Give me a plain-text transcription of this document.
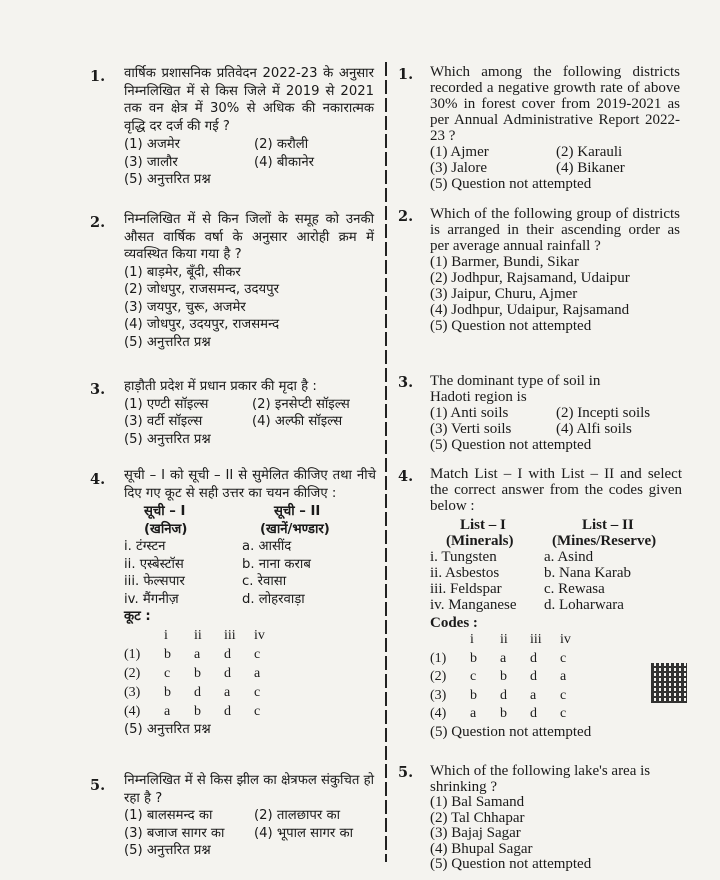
1. वार्षिक प्रशासनिक प्रतिवेदन 2022-23 के अनुसार निम्नलिखित में से किस जिले में 2019 से 2021 तक वन क्षेत्र में 30% से अधिक की नकारात्मक वृद्धि दर दर्ज की गई ?
(1) अजमेर	(2) करौली
(3) जालौर	(4) बीकानेर
(5) अनुत्तरित प्रश्न
1. Which among the following districts recorded a negative growth rate of above 30% in forest cover from 2019-2021 as per Annual Administrative Report 2022-23 ?
(1) Ajmer	(2) Karauli
(3) Jalore	(4) Bikaner
(5) Question not attempted
2. निम्नलिखित में से किन जिलों के समूह को उनकी औसत वार्षिक वर्षा के अनुसार आरोही क्रम में व्यवस्थित किया गया है ?
(1) बाड़मेर, बूँदी, सीकर
(2) जोधपुर, राजसमन्द, उदयपुर
(3) जयपुर, चुरू, अजमेर
(4) जोधपुर, उदयपुर, राजसमन्द
(5) अनुत्तरित प्रश्न
2. Which of the following group of districts is arranged in their ascending order as per average annual rainfall ?
(1) Barmer, Bundi, Sikar
(2) Jodhpur, Rajsamand, Udaipur
(3) Jaipur, Churu, Ajmer
(4) Jodhpur, Udaipur, Rajsamand
(5) Question not attempted
3. हाड़ौती प्रदेश में प्रधान प्रकार की मृदा है :
(1) एण्टी सॉइल्स	(2) इनसेप्टी सॉइल्स
(3) वर्टी सॉइल्स	(4) अल्फी सॉइल्स
(5) अनुत्तरित प्रश्न
3. The dominant type of soil in Hadoti region is
(1) Anti soils	(2) Incepti soils
(3) Verti soils	(4) Alfi soils
(5) Question not attempted
4. सूची – I को सूची – II से सुमेलित कीजिए तथा नीचे दिए गए कूट से सही उत्तर का चयन कीजिए :
सूची – I	सूची – II
(खनिज)	(खानें/भण्डार)
i. टंग्स्टन	a. आसींद
ii. एस्बेस्टॉस	b. नाना कराब
iii. फेल्सपार	c. रेवासा
iv. मैंगनीज़	d. लोहरवाड़ा
कूट :
i	ii	iii	iv
(1)	b	a	d	c
(2)	c	b	d	a
(3)	b	d	a	c
(4)	a	b	d	c
(5) अनुत्तरित प्रश्न
4. Match List – I with List – II and select the correct answer from the codes given below :
List – I	List – II
(Minerals)	(Mines/Reserve)
i. Tungsten	a. Asind
ii. Asbestos	b. Nana Karab
iii. Feldspar	c. Rewasa
iv. Manganese	d. Loharwara
Codes :
i	ii	iii	iv
(1)	b	a	d	c
(2)	c	b	d	a
(3)	b	d	a	c
(4)	a	b	d	c
(5) Question not attempted
5. निम्नलिखित में से किस झील का क्षेत्रफल संकुचित हो रहा है ?
(1) बालसमन्द का	(2) तालछापर का
(3) बजाज सागर का	(4) भूपाल सागर का
(5) अनुत्तरित प्रश्न
5. Which of the following lake's area is shrinking ?
(1) Bal Samand
(2) Tal Chhapar
(3) Bajaj Sagar
(4) Bhupal Sagar
(5) Question not attempted
